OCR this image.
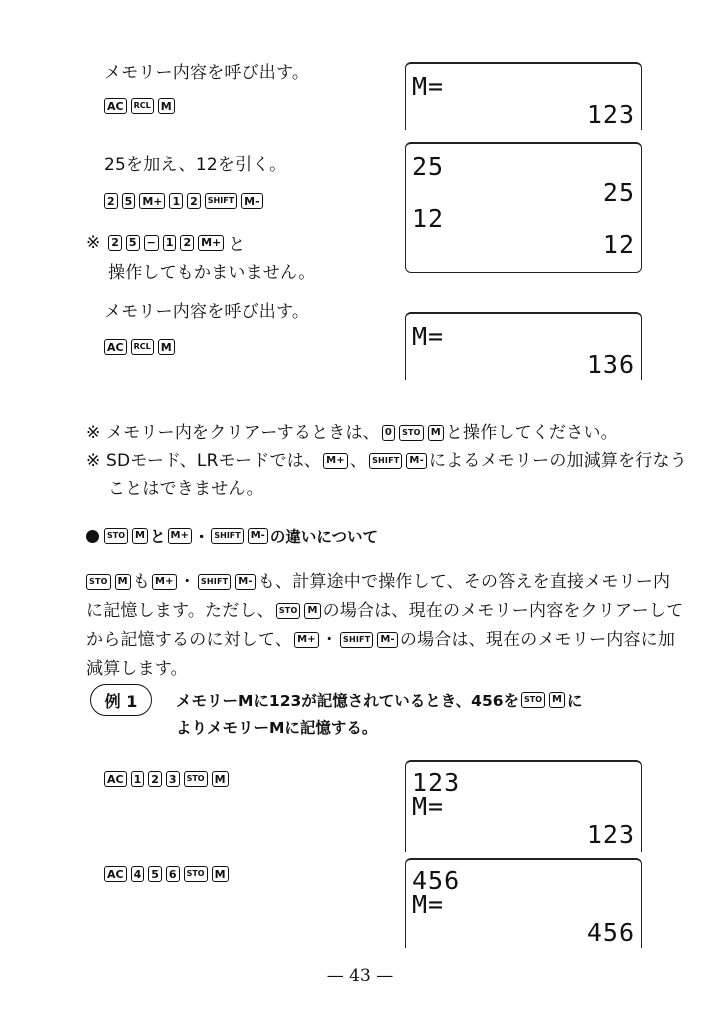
メモリー内容を呼び出す。
AC	RCL M
M=
123
25を加え、12を引く。
2 5 M+ 1 2	SHIFT M-
※ 2 5 − 1 2 M+ と
操作してもかまいません。
25
25
12
12
メモリー内容を呼び出す。
AC	RCL M	M=
136
※ メモリー内をクリアーするときは、 0 STO M と操作してください。
※ SDモード、LRモードでは、 M+ 、 SHIFT M- によるメモリーの加減算を行なう
ことはできません。
STO	M と M+ ・ SHIFT	M- の違いについて
STO M も M+ ・ SHIFT M- も、計算途中で操作して、その答えを直接メモリー内
に記憶します。ただし、 STO M の場合は、現在のメモリー内容をクリアーして
から記憶するのに対して、 M+ ・ SHIFT M- の場合は、現在のメモリー内容に加
減算します。
例 1	メモリーMに123が記憶されているとき、456を STO	M に
よりメモリーMに記憶する。
AC 1 2 3	STO M	123
M=
123
AC 4 5 6	STO M	456
M=
456
— 43 —
